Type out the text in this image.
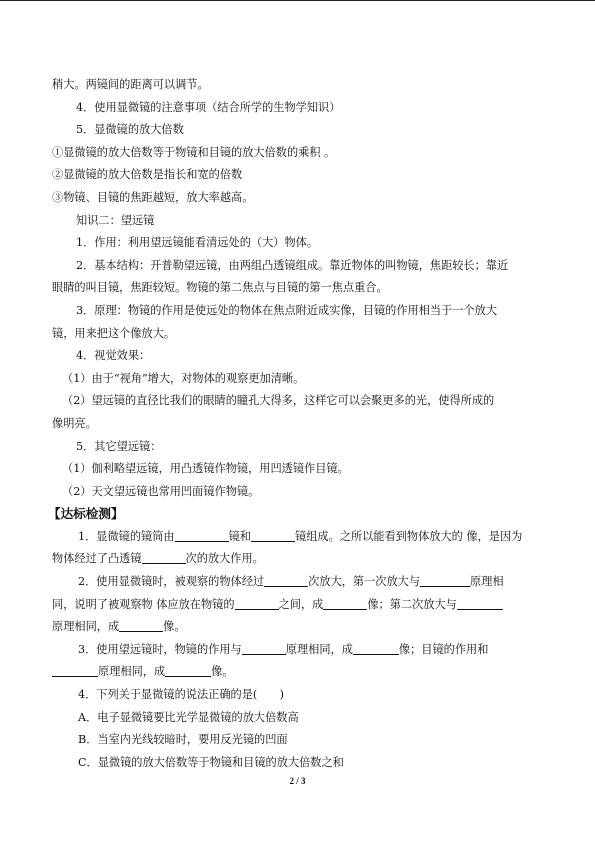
稍大。两镜间的距离可以调节。
4．使用显微镜的注意事项（结合所学的生物学知识）
5．显微镜的放大倍数
①显微镜的放大倍数等于物镜和目镜的放大倍数的乘积 。
②显微镜的放大倍数是指长和宽的倍数
③物镜、目镜的焦距越短，放大率越高。
知识二：望远镜
1．作用：利用望远镜能看清远处的（大）物体。
2．基本结构：开普勒望远镜，由两组凸透镜组成。靠近物体的叫物镜，焦距较长；靠近
眼睛的叫目镜，焦距较短。物镜的第二焦点与目镜的第一焦点重合。
3．原理：物镜的作用是使远处的物体在焦点附近成实像，目镜的作用相当于一个放大
镜，用来把这个像放大。
4．视觉效果：
（1）由于“视角”增大，对物体的观察更加清晰。
（2）望远镜的直径比我们的眼睛的瞳孔大得多，这样它可以会聚更多的光，使得所成的
像明亮。
5．其它望远镜：
（1）伽利略望远镜，用凸透镜作物镜，用凹透镜作目镜。
（2）天文望远镜也常用凹面镜作物镜。
【达标检测】
1．显微镜的镜筒由	镜和	镜组成。之所以能看到物体放大的 像，是因为
物体经过了凸透镜	次的放大作用。
2．使用显微镜时，被观察的物体经过	次放大，第一次放大与	原理相
同，说明了被观察物 体应放在物镜的	之间，成	像；第二次放大与
原理相同，成	像。
3．使用望远镜时，物镜的作用与	原理相同，成	像；目镜的作用和
原理相同，成	像。
4．下列关于显微镜的说法正确的是(　　)
A．电子显微镜要比光学显微镜的放大倍数高
B．当室内光线较暗时，要用反光镜的凹面
C．显微镜的放大倍数等于物镜和目镜的放大倍数之和
2 / 3
